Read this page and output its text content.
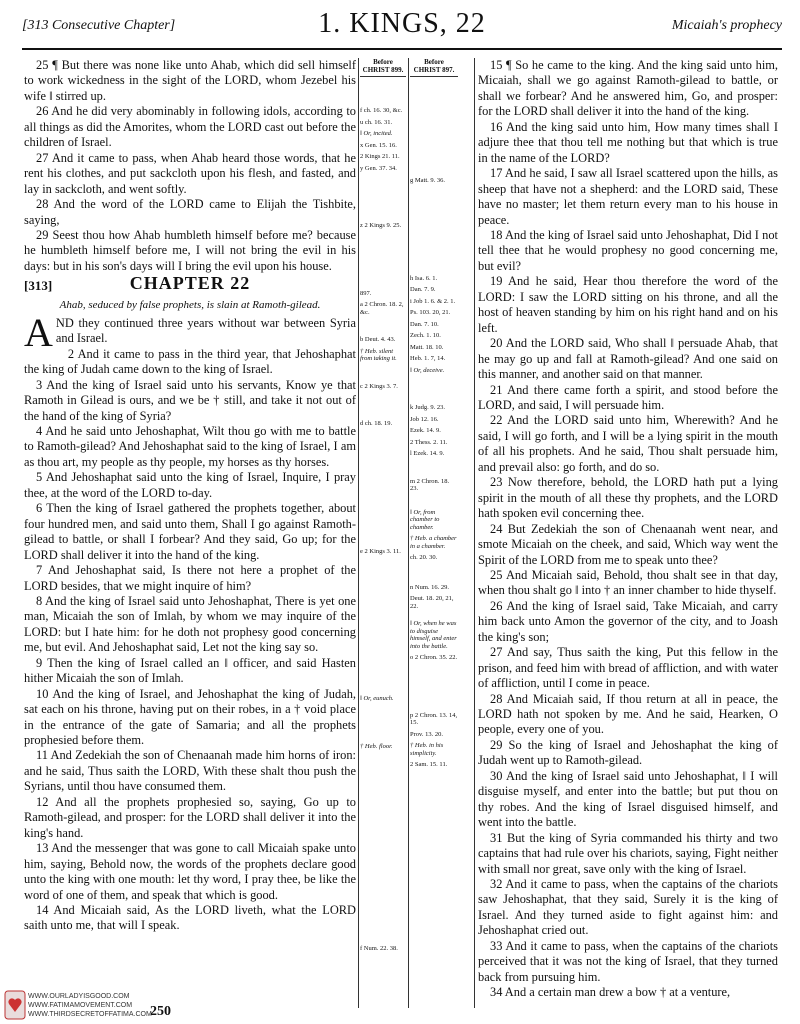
[313 Consecutive Chapter]	1. KINGS, 22	Micaiah's prophecy

25 ¶ But there was none like unto Ahab, which did sell himself to work wickedness in the sight of the LORD, whom Jezebel his wife ‖ stirred up.

26 And he did very abominably in following idols, according to all things as did the Amorites, whom the LORD cast out before the children of Israel.

27 And it came to pass, when Ahab heard those words, that he rent his clothes, and put sackcloth upon his flesh, and fasted, and lay in sackcloth, and went softly.

28 And the word of the LORD came to Elijah the Tishbite, saying,

29 Seest thou how Ahab humbleth himself before me? because he humbleth himself before me, I will not bring the evil in his days: but in his son's days will I bring the evil upon his house.

[313]	CHAPTER 22
Ahab, seduced by false prophets, is slain at Ramoth-gilead.

AND they continued three years without war between Syria and Israel.

2 And it came to pass in the third year, that Jehoshaphat the king of Judah came down to the king of Israel.

3 And the king of Israel said unto his servants, Know ye that Ramoth in Gilead is ours, and we be † still, and take it not out of the hand of the king of Syria?

4 And he said unto Jehoshaphat, Wilt thou go with me to battle to Ramoth-gilead? And Jehoshaphat said to the king of Israel, I am as thou art, my people as thy people, my horses as thy horses.

5 And Jehoshaphat said unto the king of Israel, Inquire, I pray thee, at the word of the LORD to-day.

6 Then the king of Israel gathered the prophets together, about four hundred men, and said unto them, Shall I go against Ramoth-gilead to battle, or shall I forbear? And they said, Go up; for the LORD shall deliver it into the hand of the king.

7 And Jehoshaphat said, Is there not here a prophet of the LORD besides, that we might inquire of him?

8 And the king of Israel said unto Jehoshaphat, There is yet one man, Micaiah the son of Imlah, by whom we may inquire of the LORD: but I hate him: for he doth not prophesy good concerning me, but evil. And Jehoshaphat said, Let not the king say so.

9 Then the king of Israel called an ‖ officer, and said Hasten hither Micaiah the son of Imlah.

10 And the king of Israel, and Jehoshaphat the king of Judah, sat each on his throne, having put on their robes, in a † void place in the entrance of the gate of Samaria; and all the prophets prophesied before them.

11 And Zedekiah the son of Chenaanah made him horns of iron: and he said, Thus saith the LORD, With these shalt thou push the Syrians, until thou have consumed them.

12 And all the prophets prophesied so, saying, Go up to Ramoth-gilead, and prosper: for the LORD shall deliver it into the king's hand.

13 And the messenger that was gone to call Micaiah spake unto him, saying, Behold now, the words of the prophets declare good unto the king with one mouth: let thy word, I pray thee, be like the word of one of them, and speak that which is good.

14 And Micaiah said, As the LORD liveth, what the LORD saith unto me, that will I speak.

Before CHRIST 899.
f ch. 16. 30, &c.
u ch. 16. 31.
‖ Or, incited.
x Gen. 15. 16.
2 Kings 21. 11.
y Gen. 37. 34.
z 2 Kings 9. 25.
897.
a 2 Chron. 18. 2, &c.
b Deut. 4. 43.
† Heb. silent from taking it.
c 2 Kings 3. 7.
d ch. 18. 19.
e 2 Kings 3. 11.
‖ Or, eunuch.
† Heb. floor.
f Num. 22. 38.
Before CHRIST 897.
g Matt. 9. 36.
h Isa. 6. 1.
Dan. 7. 9.
i Job 1. 6. & 2. 1.
Ps. 103. 20, 21.
Dan. 7. 10.
Zech. 1. 10.
Matt. 18. 10.
Heb. 1. 7, 14.
‖ Or, deceive.
k Judg. 9. 23.
Job 12. 16.
Ezek. 14. 9.
2 Thess. 2. 11.
l Ezek. 14. 9.
m 2 Chron. 18. 23.
‖ Or, from chamber to chamber.
† Heb. a chamber in a chamber.
ch. 20. 30.
n Num. 16. 29.
Deut. 18. 20, 21, 22.
‖ Or, when he was to disguise himself, and enter into the battle.
o 2 Chron. 35. 22.
p 2 Chron. 13. 14, 15.
Prov. 13. 20.
† Heb. in his simplicity.
2 Sam. 15. 11.

15 ¶ So he came to the king. And the king said unto him, Micaiah, shall we go against Ramoth-gilead to battle, or shall we forbear? And he answered him, Go, and prosper: for the LORD shall deliver it into the hand of the king.

16 And the king said unto him, How many times shall I adjure thee that thou tell me nothing but that which is true in the name of the LORD?

17 And he said, I saw all Israel scattered upon the hills, as sheep that have not a shepherd: and the LORD said, These have no master; let them return every man to his house in peace.

18 And the king of Israel said unto Jehoshaphat, Did I not tell thee that he would prophesy no good concerning me, but evil?

19 And he said, Hear thou therefore the word of the LORD: I saw the LORD sitting on his throne, and all the host of heaven standing by him on his right hand and on his left.

20 And the LORD said, Who shall ‖ persuade Ahab, that he may go up and fall at Ramoth-gilead? And one said on this manner, and another said on that manner.

21 And there came forth a spirit, and stood before the LORD, and said, I will persuade him.

22 And the LORD said unto him, Wherewith? And he said, I will go forth, and I will be a lying spirit in the mouth of all his prophets. And he said, Thou shalt persuade him, and prevail also: go forth, and do so.

23 Now therefore, behold, the LORD hath put a lying spirit in the mouth of all these thy prophets, and the LORD hath spoken evil concerning thee.

24 But Zedekiah the son of Chenaanah went near, and smote Micaiah on the cheek, and said, Which way went the Spirit of the LORD from me to speak unto thee?

25 And Micaiah said, Behold, thou shalt see in that day, when thou shalt go ‖ into † an inner chamber to hide thyself.

26 And the king of Israel said, Take Micaiah, and carry him back unto Amon the governor of the city, and to Joash the king's son;

27 And say, Thus saith the king, Put this fellow in the prison, and feed him with bread of affliction, and with water of affliction, until I come in peace.

28 And Micaiah said, If thou return at all in peace, the LORD hath not spoken by me. And he said, Hearken, O people, every one of you.

29 So the king of Israel and Jehoshaphat the king of Judah went up to Ramoth-gilead.

30 And the king of Israel said unto Jehoshaphat, ‖ I will disguise myself, and enter into the battle; but put thou on thy robes. And the king of Israel disguised himself, and went into the battle.

31 But the king of Syria commanded his thirty and two captains that had rule over his chariots, saying, Fight neither with small nor great, save only with the king of Israel.

32 And it came to pass, when the captains of the chariots saw Jehoshaphat, that they said, Surely it is the king of Israel. And they turned aside to fight against him: and Jehoshaphat cried out.

33 And it came to pass, when the captains of the chariots perceived that it was not the king of Israel, that they turned back from pursuing him.

34 And a certain man drew a bow † at a venture,

WWW.OURLADYISGOOD.COM
WWW.FATIMAMOVEMENT.COM
WWW.THIRDSECRETOFFATIMA.COM
250
